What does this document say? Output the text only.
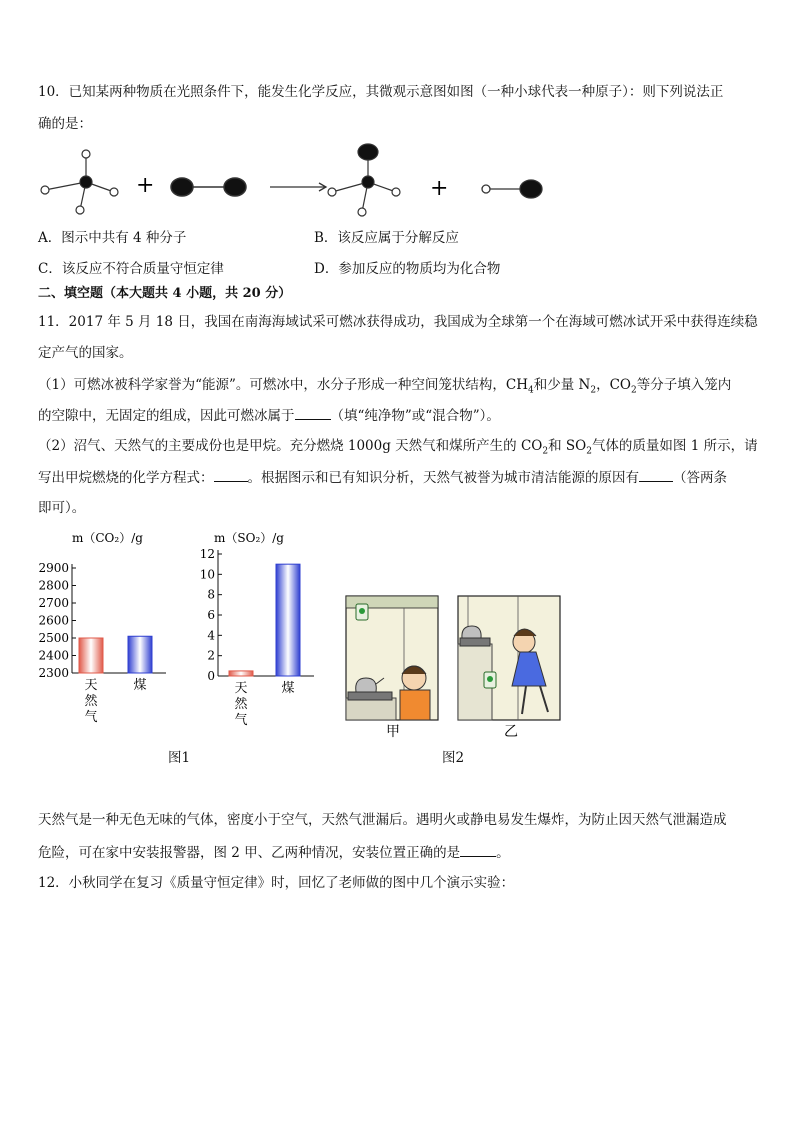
10．已知某两种物质在光照条件下，能发生化学反应，其微观示意图如图（一种小球代表一种原子）：则下列说法正
确的是：
+	+
A．图示中共有 4 种分子	B．该反应属于分解反应
C．该反应不符合质量守恒定律	D．参加反应的物质均为化合物
二、填空题（本大题共 4 小题，共 20 分）
11．2017 年 5 月 18 日，我国在南海海域试采可燃冰获得成功，我国成为全球第一个在海域可燃冰试开采中获得连续稳
定产气的国家。
（1）可燃冰被科学家誉为“能源”。可燃冰中，水分子形成一种空间笼状结构，$CH_4$和少量 $N_2$，$CO_2$等分子填入笼内
的空隙中，无固定的组成，因此可燃冰属于	（填“纯净物”或“混合物”）。
（2）沼气、天然气的主要成份也是甲烷。充分燃烧 1000g 天然气和煤所产生的 $CO_2$和 $SO_2$气体的质量如图 1 所示，请
写出甲烷燃烧的化学方程式：	。根据图示和已有知识分析，天然气被誉为城市清洁能源的原因有	（答两条
即可）。
m（CO₂）/g
2300
2400
2500
2600
2700
2800
2900
天
然
气
煤
m（SO₂）/g
0
2
4
6
8
10
12
天
然
气
煤
图1
甲	乙
图2
天然气是一种无色无味的气体，密度小于空气，天然气泄漏后。遇明火或静电易发生爆炸，为防止因天然气泄漏造成
危险，可在家中安装报警器，图 2 甲、乙两种情况，安装位置正确的是	。
12．小秋同学在复习《质量守恒定律》时，回忆了老师做的图中几个演示实验：
